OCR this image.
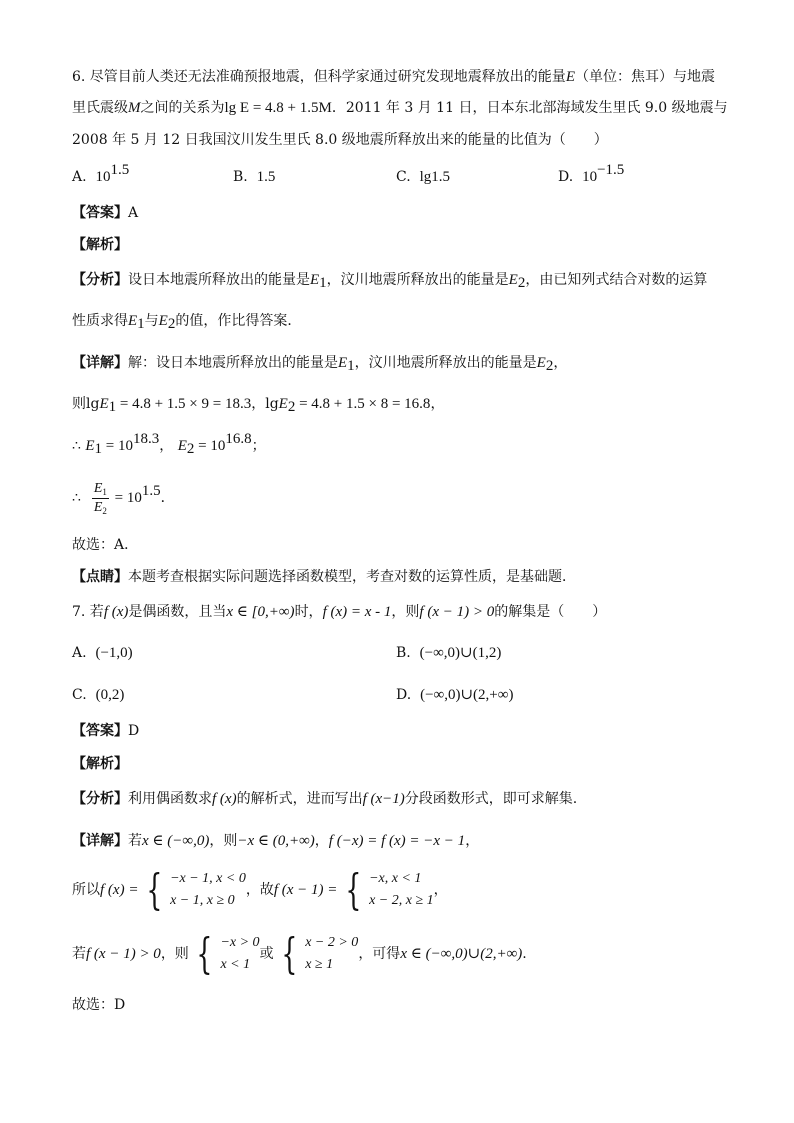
6. 尽管目前人类还无法准确预报地震，但科学家通过研究发现地震释放出的能量E（单位：焦耳）与地震
里氏震级M之间的关系为lg E = 4.8 + 1.5M．2011 年 3 月 11 日，日本东北部海域发生里氏 9.0 级地震与
2008 年 5 月 12 日我国汶川发生里氏 8.0 级地震所释放出来的能量的比值为（　　）
A. $10^{1.5}$	B. 1.5	C. lg1.5	D. $10^{-1.5}$
【答案】A
【解析】
【分析】设日本地震所释放出的能量是$E_1$，汶川地震所释放出的能量是$E_2$，由已知列式结合对数的运算
性质求得$E_1$与$E_2$的值，作比得答案．
【详解】解：设日本地震所释放出的能量是$E_1$，汶川地震所释放出的能量是$E_2$，
则lgE$_1$ = 4.8 + 1.5 × 9 = 18.3，lgE$_2$ = 4.8 + 1.5 × 8 = 16.8，
∴ $E_1 = 10^{18.3}$， $E_2 = 10^{16.8}$；
∴ $\frac{E_1}{E_2} = 10^{1.5}$．
故选：A．
【点睛】本题考查根据实际问题选择函数模型，考查对数的运算性质，是基础题．
7. 若f (x)是偶函数，且当x ∈ [0,+∞)时，f (x) = x - 1，则f (x − 1) > 0的解集是（　　）
A. (−1,0)	B. (−∞,0)∪(1,2)
C. (0,2)	D. (−∞,0)∪(2,+∞)
【答案】D
【解析】
【分析】利用偶函数求f (x)的解析式，进而写出f (x−1)分段函数形式，即可求解集.
【详解】若x ∈ (−∞,0)，则−x ∈ (0,+∞)，f (−x) = f (x) = −x − 1，
所以f (x) = { −x − 1, x < 0
x − 1, x ≥ 0
，故f (x − 1) = { −x, x < 1
x − 2, x ≥ 1
，
若f (x − 1) > 0，则 { −x > 0
x < 1
或 { x − 2 > 0
x ≥ 1
，可得x ∈ (−∞,0)∪(2,+∞).
故选：D
